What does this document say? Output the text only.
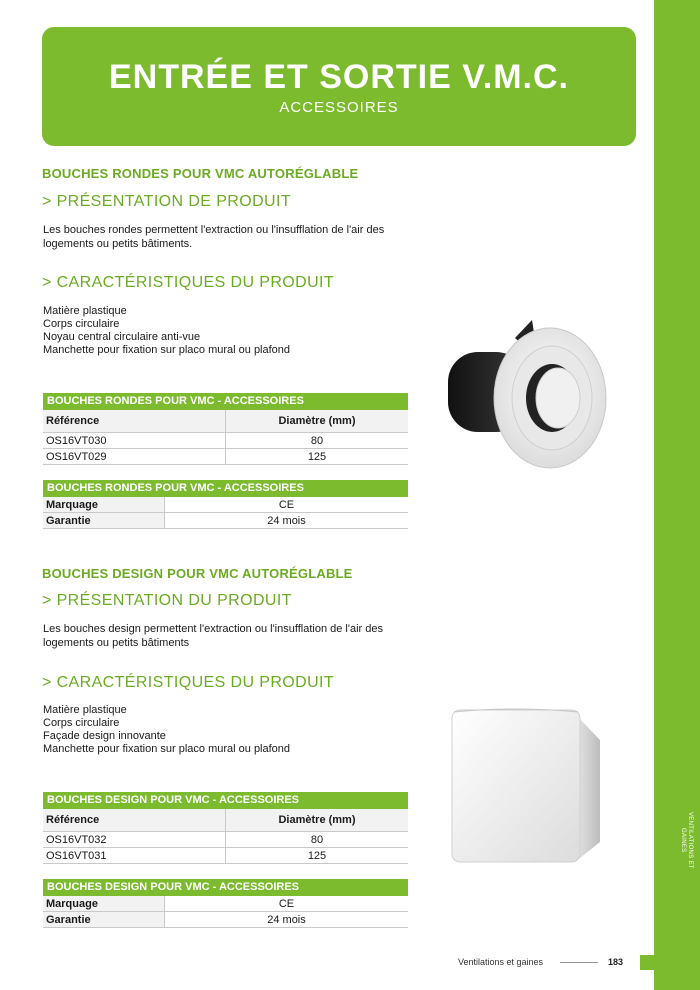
VENTILATIONS ET GAINES
ENTRÉE ET SORTIE V.M.C.
ACCESSOIRES
BOUCHES RONDES POUR VMC AUTORÉGLABLE
> PRÉSENTATION DE PRODUIT
Les bouches rondes permettent l'extraction ou l'insufflation de l'air des logements ou petits bâtiments.
> CARACTÉRISTIQUES DU PRODUIT
Matière plastique
Corps circulaire
Noyau central circulaire anti-vue
Manchette pour fixation sur placo mural ou plafond
BOUCHES RONDES POUR VMC - ACCESSOIRES
Référence	Diamètre (mm)
OS16VT030	80
OS16VT029	125
BOUCHES RONDES POUR VMC - ACCESSOIRES
Marquage	CE
Garantie	24 mois
BOUCHES DESIGN POUR VMC AUTORÉGLABLE
> PRÉSENTATION DU PRODUIT
Les bouches design permettent l'extraction ou l'insufflation de l'air des logements ou petits bâtiments
> CARACTÉRISTIQUES DU PRODUIT
Matière plastique
Corps circulaire
Façade design innovante
Manchette pour fixation sur placo mural ou plafond
BOUCHES DESIGN POUR VMC - ACCESSOIRES
Référence	Diamètre (mm)
OS16VT032	80
OS16VT031	125
BOUCHES DESIGN POUR VMC - ACCESSOIRES
Marquage	CE
Garantie	24 mois
Ventilations et gaines	183
